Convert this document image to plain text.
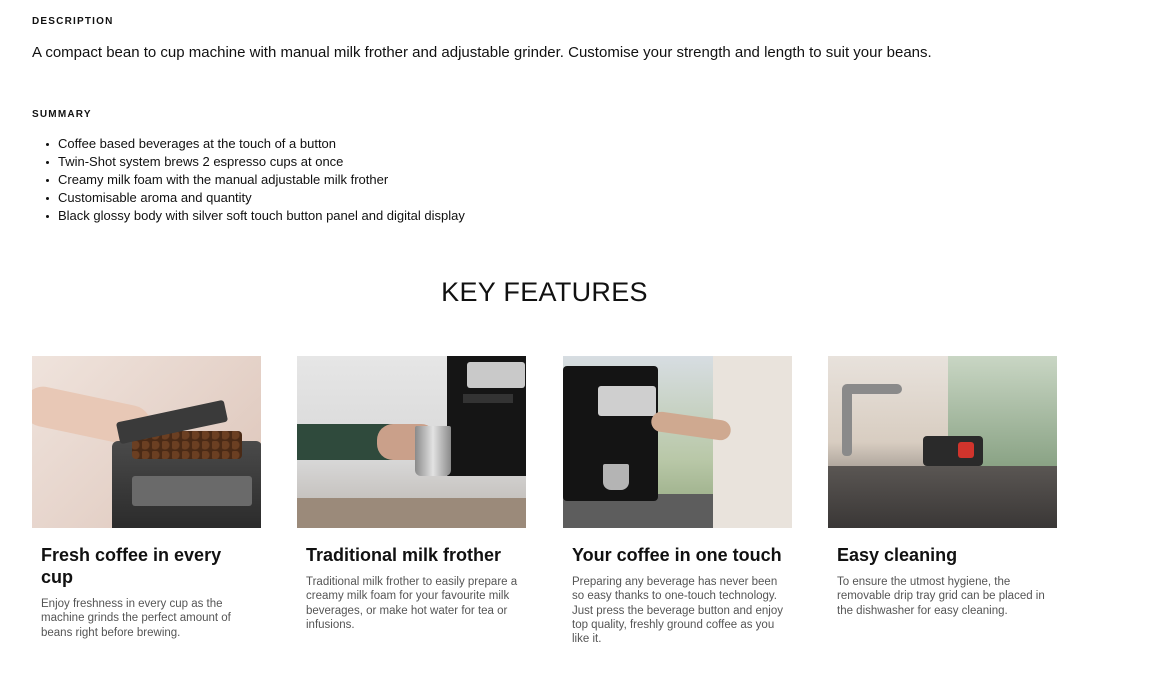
DESCRIPTION
A compact bean to cup machine with manual milk frother and adjustable grinder. Customise your strength and length to suit your beans.
SUMMARY
Coffee based beverages at the touch of a button
Twin-Shot system brews 2 espresso cups at once
Creamy milk foam with the manual adjustable milk frother
Customisable aroma and quantity
Black glossy body with silver soft touch button panel and digital display
KEY FEATURES
Fresh coffee in every cup
Enjoy freshness in every cup as the machine grinds the perfect amount of beans right before brewing.
Traditional milk frother
Traditional milk frother to easily prepare a creamy milk foam for your favourite milk beverages, or make hot water for tea or infusions.
Your coffee in one touch
Preparing any beverage has never been so easy thanks to one-touch technology. Just press the beverage button and enjoy top quality, freshly ground coffee as you like it.
Easy cleaning
To ensure the utmost hygiene, the removable drip tray grid can be placed in the dishwasher for easy cleaning.
